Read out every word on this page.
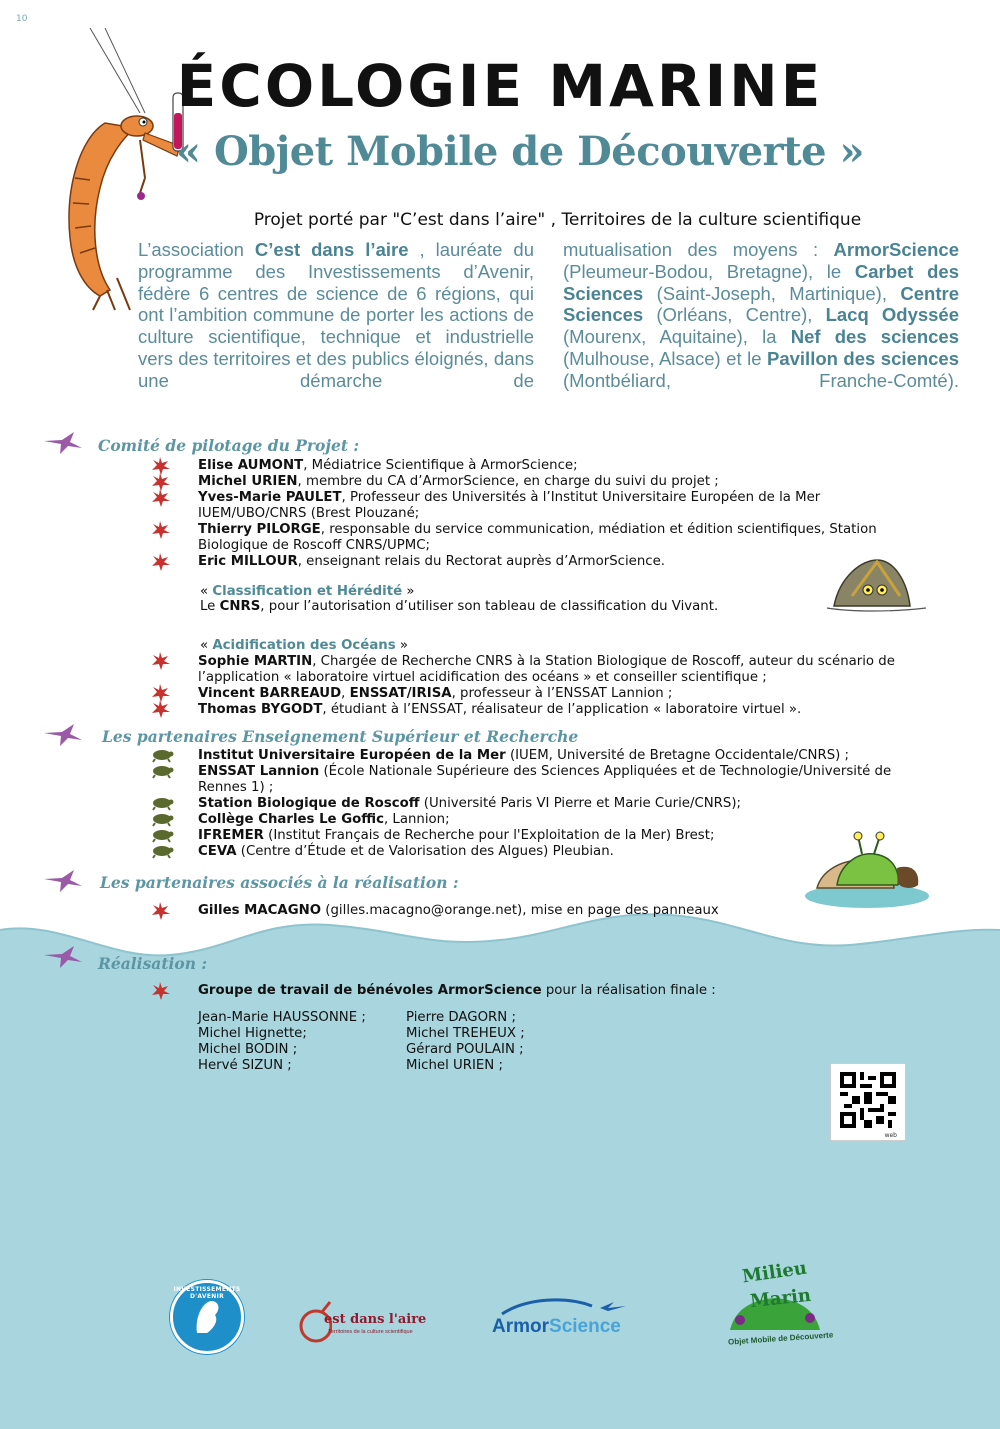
10
ÉCOLOGIE MARINE
« Objet Mobile de Découverte »
Projet porté par "C’est dans l’aire" , Territoires de la culture scientifique
L’association C’est dans l’aire , lauréate du programme des Investissements d’Avenir, fédère 6 centres de science de 6 régions, qui ont l’ambition commune de porter les actions de culture scientifique, technique et industrielle vers des territoires et des publics éloignés, dans une démarche de
mutualisation des moyens : ArmorScience (Pleumeur-Bodou, Bretagne), le Carbet des Sciences (Saint-Joseph, Martinique), Centre Sciences (Orléans, Centre), Lacq Odyssée (Mourenx, Aquitaine), la Nef des sciences (Mulhouse, Alsace) et le Pavillon des sciences (Montbéliard, Franche-Comté).
Comité de pilotage du Projet :
Elise AUMONT, Médiatrice Scientifique à ArmorScience;
Michel URIEN, membre du CA d’ArmorScience, en charge du suivi du projet ;
Yves-Marie PAULET, Professeur des Universités à l’Institut Universitaire Européen de la Mer IUEM/UBO/CNRS (Brest Plouzané;
Thierry PILORGE, responsable du service communication, médiation et édition scientifiques, Station Biologique de Roscoff CNRS/UPMC;
Eric MILLOUR, enseignant relais du Rectorat auprès d’ArmorScience.
« Classification et Hérédité »
Le CNRS, pour l’autorisation d’utiliser son tableau de classification du Vivant.
« Acidification des Océans »
Sophie MARTIN, Chargée de Recherche CNRS à la Station Biologique de Roscoff, auteur du scénario de l’application « laboratoire virtuel acidification des océans » et conseiller scientifique ;
Vincent BARREAUD, ENSSAT/IRISA, professeur à l’ENSSAT Lannion ;
Thomas BYGODT, étudiant à l’ENSSAT, réalisateur de l’application « laboratoire virtuel ».
Les partenaires Enseignement Supérieur et Recherche
Institut Universitaire Européen de la Mer (IUEM, Université de Bretagne Occidentale/CNRS) ;
ENSSAT Lannion (École Nationale Supérieure des Sciences Appliquées et de Technologie/Université de Rennes 1) ;
Station Biologique de Roscoff (Université Paris VI Pierre et Marie Curie/CNRS);
Collège Charles Le Goffic, Lannion;
IFREMER (Institut Français de Recherche pour l'Exploitation de la Mer) Brest;
CEVA (Centre d’Étude et de Valorisation des Algues) Pleubian.
Les partenaires associés à la réalisation :
Gilles MACAGNO (gilles.macagno@orange.net), mise en page des panneaux
Réalisation :
Groupe de travail de bénévoles ArmorScience pour la réalisation finale :
Jean-Marie HAUSSONNE ;
Michel Hignette;
Michel BODIN ;
Hervé SIZUN ;
Pierre DAGORN ;
Michel TREHEUX ;
Gérard POULAIN ;
Michel URIEN ;
web
INVESTISSEMENTS D'AVENIR
est dans l'aire
Territoires de la culture scientifique	ArmorScience
Milieu
Marin
Objet Mobile de Découverte
